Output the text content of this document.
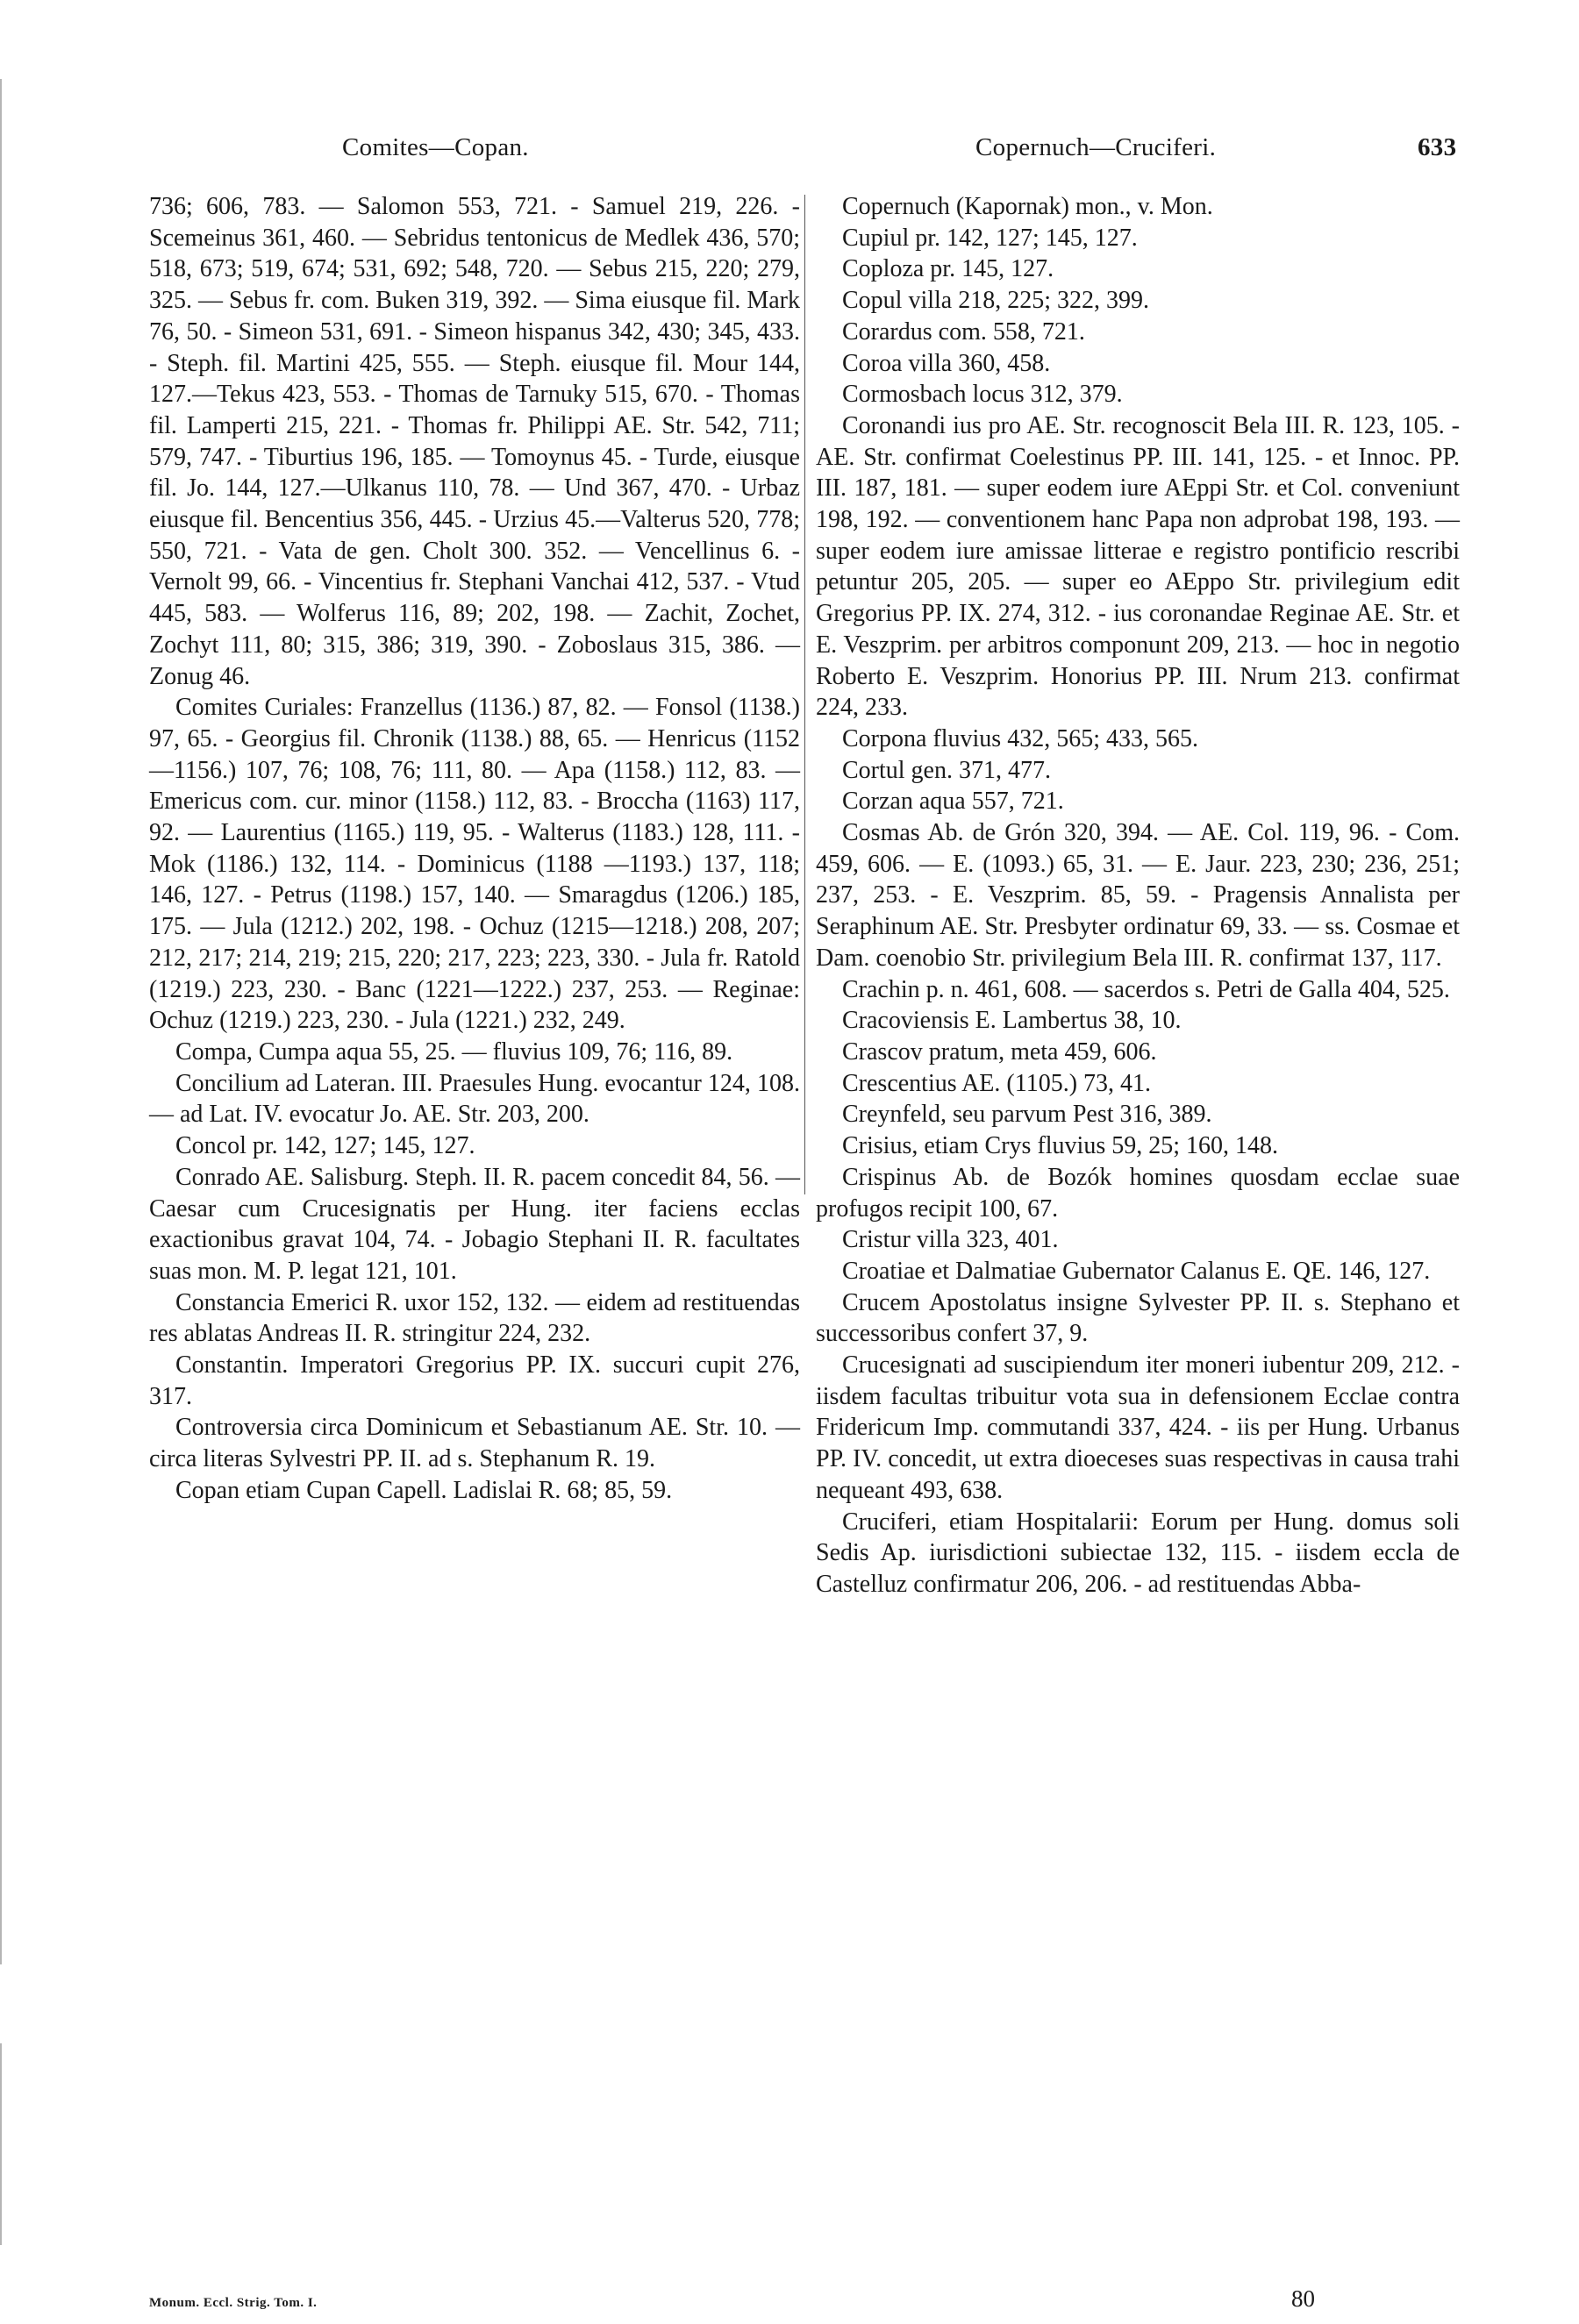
Comites—Copan.	Copernuch—Cruciferi.	633

736; 606, 783. — Salomon 553, 721. - Samuel 219, 226. - Scemeinus 361, 460. — Sebridus tentonicus de Medlek 436, 570; 518, 673; 519, 674; 531, 692; 548, 720. — Sebus 215, 220; 279, 325. — Sebus fr. com. Buken 319, 392. — Sima eiusque fil. Mark 76, 50. - Simeon 531, 691. - Simeon hispanus 342, 430; 345, 433. - Steph. fil. Martini 425, 555. — Steph. eiusque fil. Mour 144, 127.—Tekus 423, 553. - Thomas de Tarnuky 515, 670. - Thomas fil. Lamperti 215, 221. - Thomas fr. Philippi AE. Str. 542, 711; 579, 747. - Tiburtius 196, 185. — Tomoynus 45. - Turde, eiusque fil. Jo. 144, 127.—Ulkanus 110, 78. — Und 367, 470. - Urbaz eiusque fil. Bencentius 356, 445. - Urzius 45.—Valterus 520, 778; 550, 721. - Vata de gen. Cholt 300. 352. — Vencellinus 6. - Vernolt 99, 66. - Vincentius fr. Stephani Vanchai 412, 537. - Vtud 445, 583. — Wolferus 116, 89; 202, 198. — Zachit, Zochet, Zochyt 111, 80; 315, 386; 319, 390. - Zoboslaus 315, 386. — Zonug 46.

Comites Curiales: Franzellus (1136.) 87, 82. — Fonsol (1138.) 97, 65. - Georgius fil. Chronik (1138.) 88, 65. — Henricus (1152—1156.) 107, 76; 108, 76; 111, 80. — Apa (1158.) 112, 83. — Emericus com. cur. minor (1158.) 112, 83. - Broccha (1163) 117, 92. — Laurentius (1165.) 119, 95. - Walterus (1183.) 128, 111. - Mok (1186.) 132, 114. - Dominicus (1188 —1193.) 137, 118; 146, 127. - Petrus (1198.) 157, 140. — Smaragdus (1206.) 185, 175. — Jula (1212.) 202, 198. - Ochuz (1215—1218.) 208, 207; 212, 217; 214, 219; 215, 220; 217, 223; 223, 330. - Jula fr. Ratold (1219.) 223, 230. - Banc (1221—1222.) 237, 253. — Reginae: Ochuz (1219.) 223, 230. - Jula (1221.) 232, 249.

Compa, Cumpa aqua 55, 25. — fluvius 109, 76; 116, 89.

Concilium ad Lateran. III. Praesules Hung. evocantur 124, 108. — ad Lat. IV. evocatur Jo. AE. Str. 203, 200.

Concol pr. 142, 127; 145, 127.

Conrado AE. Salisburg. Steph. II. R. pacem concedit 84, 56. — Caesar cum Crucesignatis per Hung. iter faciens ecclas exactionibus gravat 104, 74. - Jobagio Stephani II. R. facultates suas mon. M. P. legat 121, 101.

Constancia Emerici R. uxor 152, 132. — eidem ad restituendas res ablatas Andreas II. R. stringitur 224, 232.

Constantin. Imperatori Gregorius PP. IX. succuri cupit 276, 317.

Controversia circa Dominicum et Sebastianum AE. Str. 10. — circa literas Sylvestri PP. II. ad s. Stephanum R. 19.

Copan etiam Cupan Capell. Ladislai R. 68; 85, 59.

Copernuch (Kapornak) mon., v. Mon.

Cupiul pr. 142, 127; 145, 127.

Coploza pr. 145, 127.

Copul villa 218, 225; 322, 399.

Corardus com. 558, 721.

Coroa villa 360, 458.

Cormosbach locus 312, 379.

Coronandi ius pro AE. Str. recognoscit Bela III. R. 123, 105. - AE. Str. confirmat Coelestinus PP. III. 141, 125. - et Innoc. PP. III. 187, 181. — super eodem iure AEppi Str. et Col. conveniunt 198, 192. — conventionem hanc Papa non adprobat 198, 193. — super eodem iure amissae litterae e registro pontificio rescribi petuntur 205, 205. — super eo AEppo Str. privilegium edit Gregorius PP. IX. 274, 312. - ius coronandae Reginae AE. Str. et E. Veszprim. per arbitros componunt 209, 213. — hoc in negotio Roberto E. Veszprim. Honorius PP. III. Nrum 213. confirmat 224, 233.

Corpona fluvius 432, 565; 433, 565.

Cortul gen. 371, 477.

Corzan aqua 557, 721.

Cosmas Ab. de Grón 320, 394. — AE. Col. 119, 96. - Com. 459, 606. — E. (1093.) 65, 31. — E. Jaur. 223, 230; 236, 251; 237, 253. - E. Veszprim. 85, 59. - Pragensis Annalista per Seraphinum AE. Str. Presbyter ordinatur 69, 33. — ss. Cosmae et Dam. coenobio Str. privilegium Bela III. R. confirmat 137, 117.

Crachin p. n. 461, 608. — sacerdos s. Petri de Galla 404, 525.

Cracoviensis E. Lambertus 38, 10.

Crascov pratum, meta 459, 606.

Crescentius AE. (1105.) 73, 41.

Creynfeld, seu parvum Pest 316, 389.

Crisius, etiam Crys fluvius 59, 25; 160, 148.

Crispinus Ab. de Bozók homines quosdam ecclae suae profugos recipit 100, 67.

Cristur villa 323, 401.

Croatiae et Dalmatiae Gubernator Calanus E. QE. 146, 127.

Crucem Apostolatus insigne Sylvester PP. II. s. Stephano et successoribus confert 37, 9.

Crucesignati ad suscipiendum iter moneri iubentur 209, 212. - iisdem facultas tribuitur vota sua in defensionem Ecclae contra Fridericum Imp. commutandi 337, 424. - iis per Hung. Urbanus PP. IV. concedit, ut extra dioeceses suas respectivas in causa trahi nequeant 493, 638.

Cruciferi, etiam Hospitalarii: Eorum per Hung. domus soli Sedis Ap. iurisdictioni subiectae 132, 115. - iisdem eccla de Castelluz confirmatur 206, 206. - ad restituendas Abba-

Monum. Eccl. Strig. Tom. I.	80
